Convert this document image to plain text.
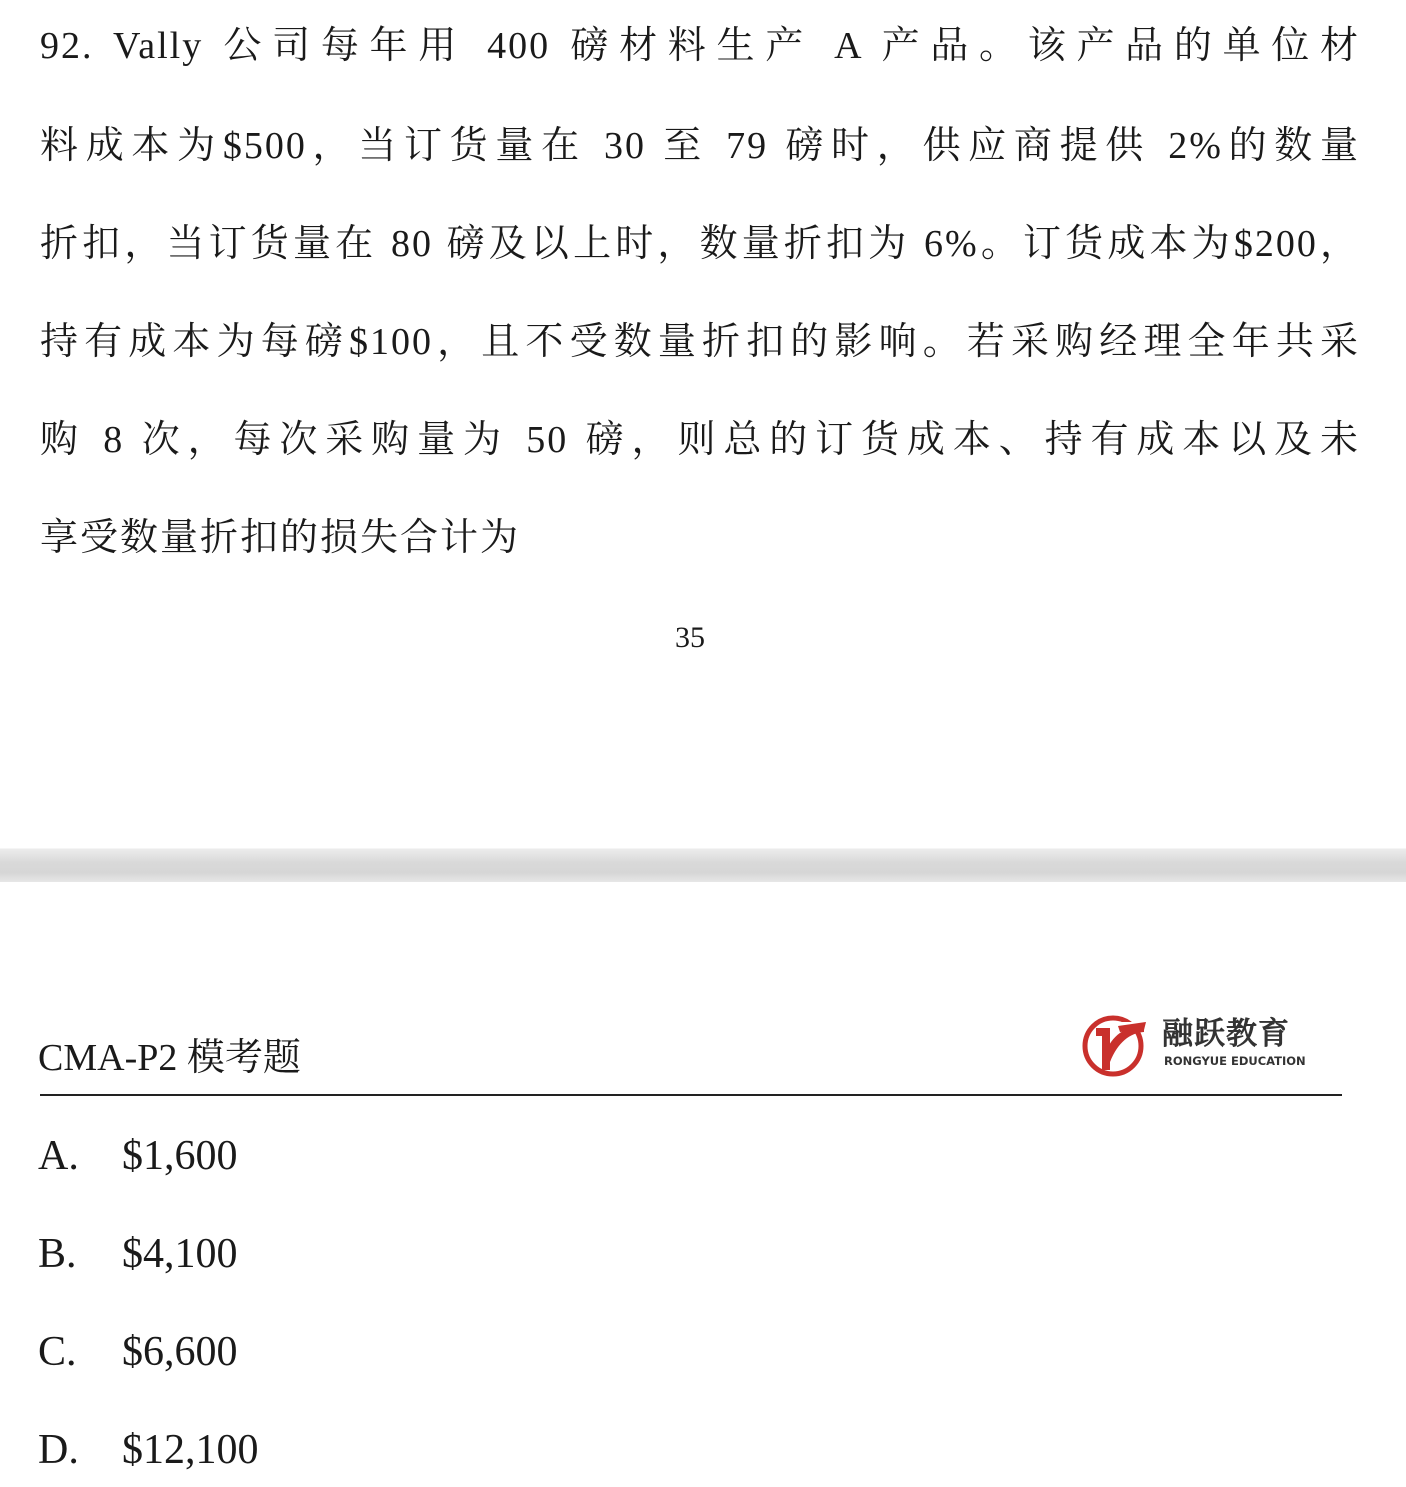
92. Vally 公司每年用 400 磅材料生产 A 产品。该产品的单位材
料成本为$500，当订货量在 30 至 79 磅时，供应商提供 2%的数量
折扣，当订货量在 80 磅及以上时，数量折扣为 6%。订货成本为$200，
持有成本为每磅$100，且不受数量折扣的影响。若采购经理全年共采
购 8 次，每次采购量为 50 磅，则总的订货成本、持有成本以及未
享受数量折扣的损失合计为
35
CMA-P2 模考题
融跃教育
RONGYUE EDUCATION
A. $1,600
B. $4,100
C. $6,600
D. $12,100
